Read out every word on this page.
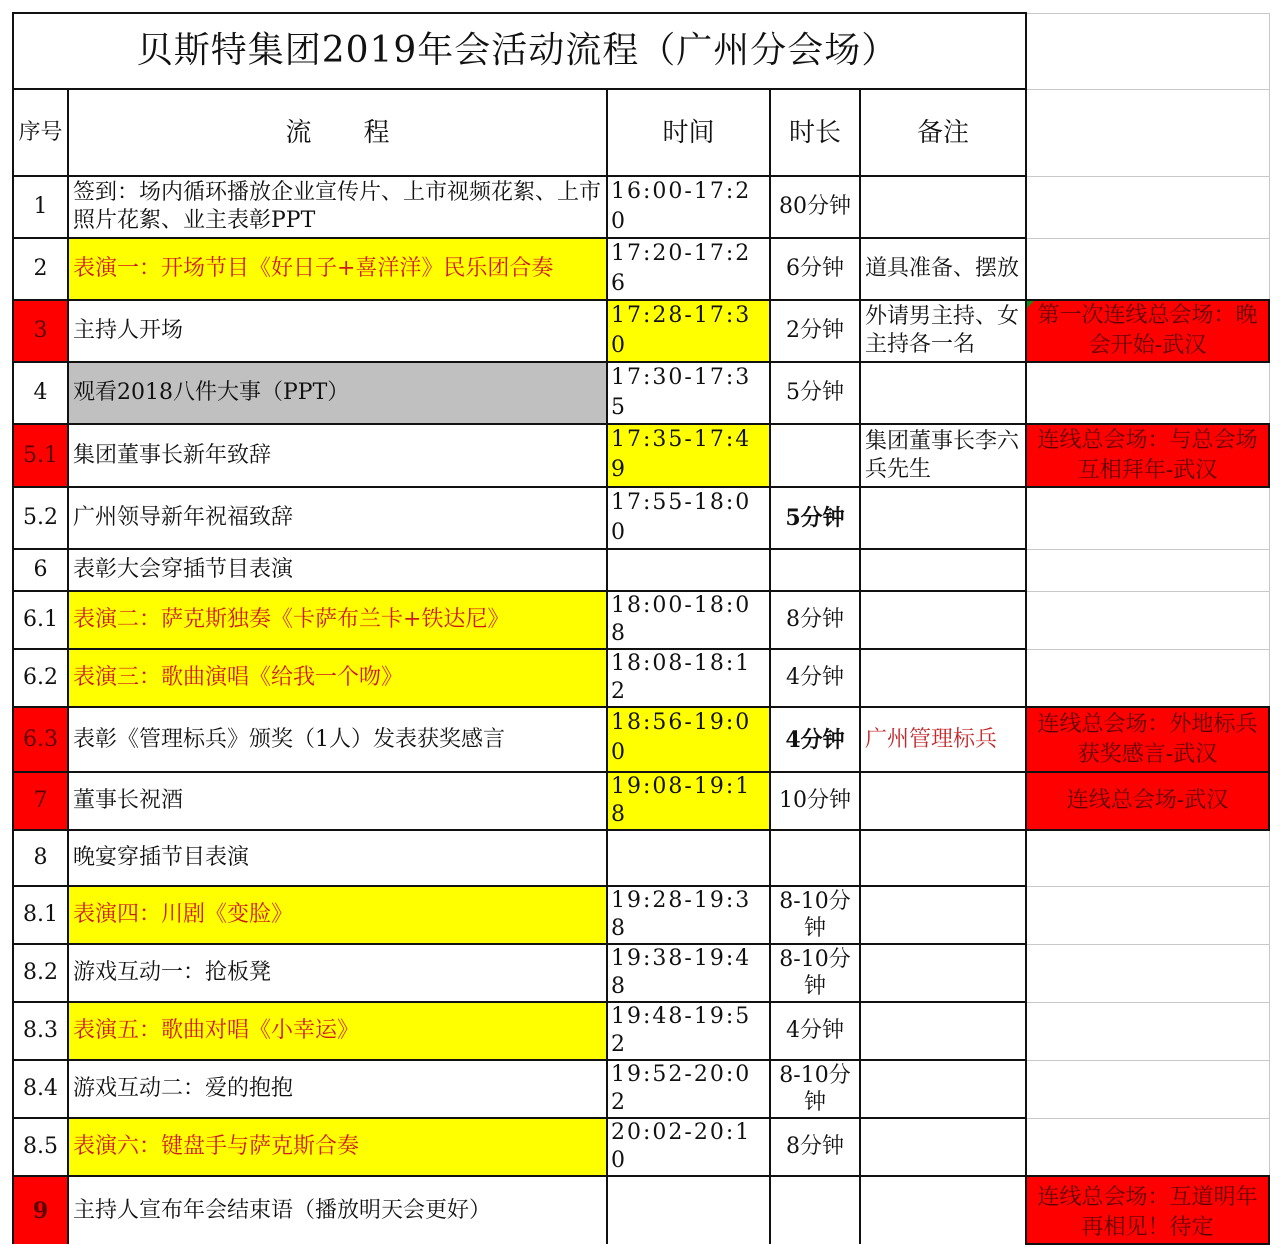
贝斯特集团2019年会活动流程（广州分会场）					
序号	流　　程	时间	时长	备注	
1	签到：场内循环播放企业宣传片、上市视频花絮、上市照片花絮、业主表彰PPT	16:00-17:20	80分钟		
2	表演一：开场节目《好日子+喜洋洋》民乐团合奏	17:20-17:26	6分钟	道具准备、摆放	
3	主持人开场	17:28-17:30	2分钟	外请男主持、女主持各一名	第一次连线总会场：晚会开始-武汉
4	观看2018八件大事（PPT）	17:30-17:35	5分钟		
5.1	集团董事长新年致辞	17:35-17:49		集团董事长李六兵先生	连线总会场：与总会场互相拜年-武汉
5.2	广州领导新年祝福致辞	17:55-18:00	5分钟		
6	表彰大会穿插节目表演				
6.1	表演二：萨克斯独奏《卡萨布兰卡+铁达尼》	18:00-18:08	8分钟		
6.2	表演三：歌曲演唱《给我一个吻》	18:08-18:12	4分钟		
6.3	表彰《管理标兵》颁奖（1人）发表获奖感言	18:56-19:00	4分钟	广州管理标兵	连线总会场：外地标兵获奖感言-武汉
7	董事长祝酒	19:08-19:18	10分钟		连线总会场-武汉
8	晚宴穿插节目表演				
8.1	表演四：川剧《变脸》	19:28-19:38	8-10分钟		
8.2	游戏互动一：抢板凳	19:38-19:48	8-10分钟		
8.3	表演五：歌曲对唱《小幸运》	19:48-19:52	4分钟		
8.4	游戏互动二：爱的抱抱	19:52-20:02	8-10分钟		
8.5	表演六：键盘手与萨克斯合奏	20:02-20:10	8分钟		
9	主持人宣布年会结束语（播放明天会更好）				连线总会场：互道明年再相见！待定
